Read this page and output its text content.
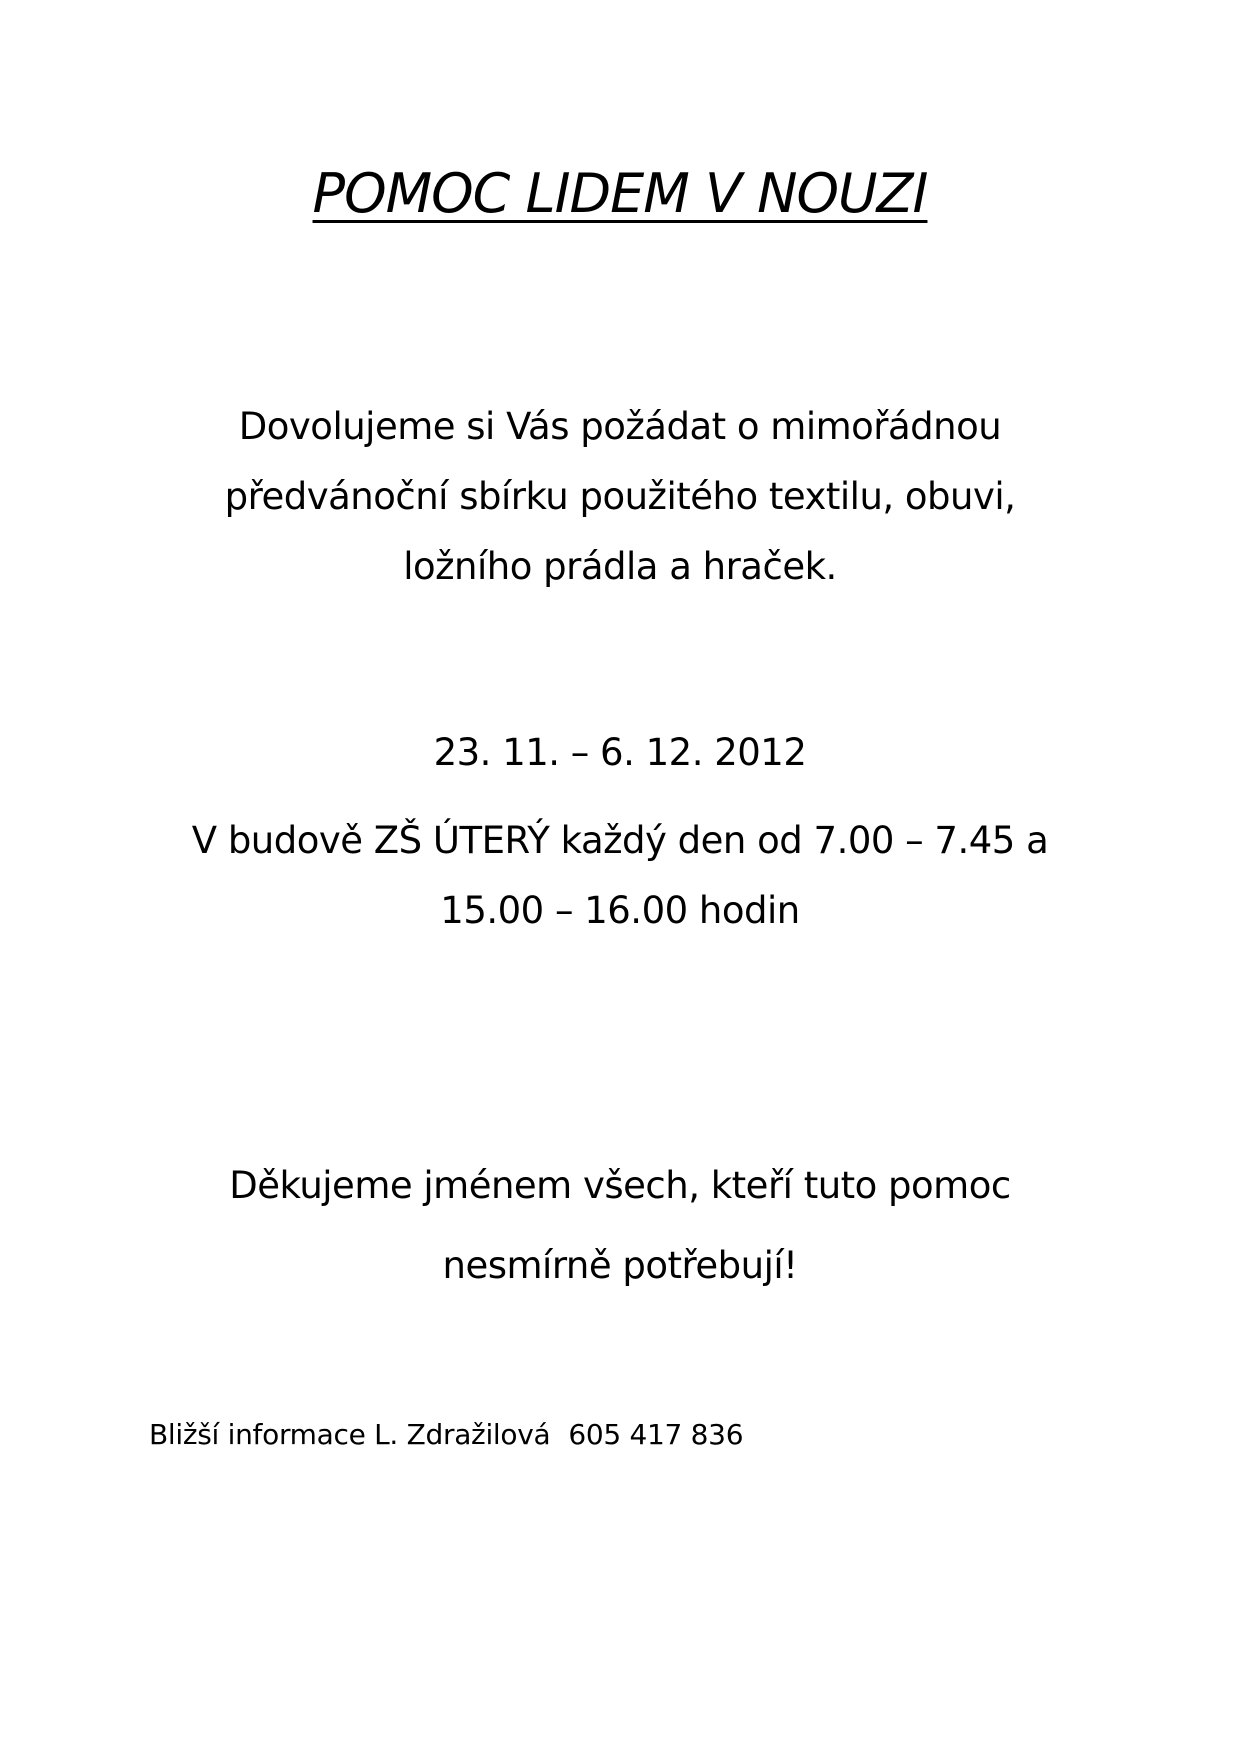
POMOC LIDEM V NOUZI
Dovolujeme si Vás požádat o mimořádnou
předvánoční sbírku použitého textilu, obuvi,
ložního prádla a hraček.
23. 11. – 6. 12. 2012
V budově ZŠ ÚTERÝ každý den od 7.00 – 7.45 a
15.00 – 16.00 hodin
Děkujeme jménem všech, kteří tuto pomoc
nesmírně potřebují!
Bližší informace L. Zdražilová 605 417 836
